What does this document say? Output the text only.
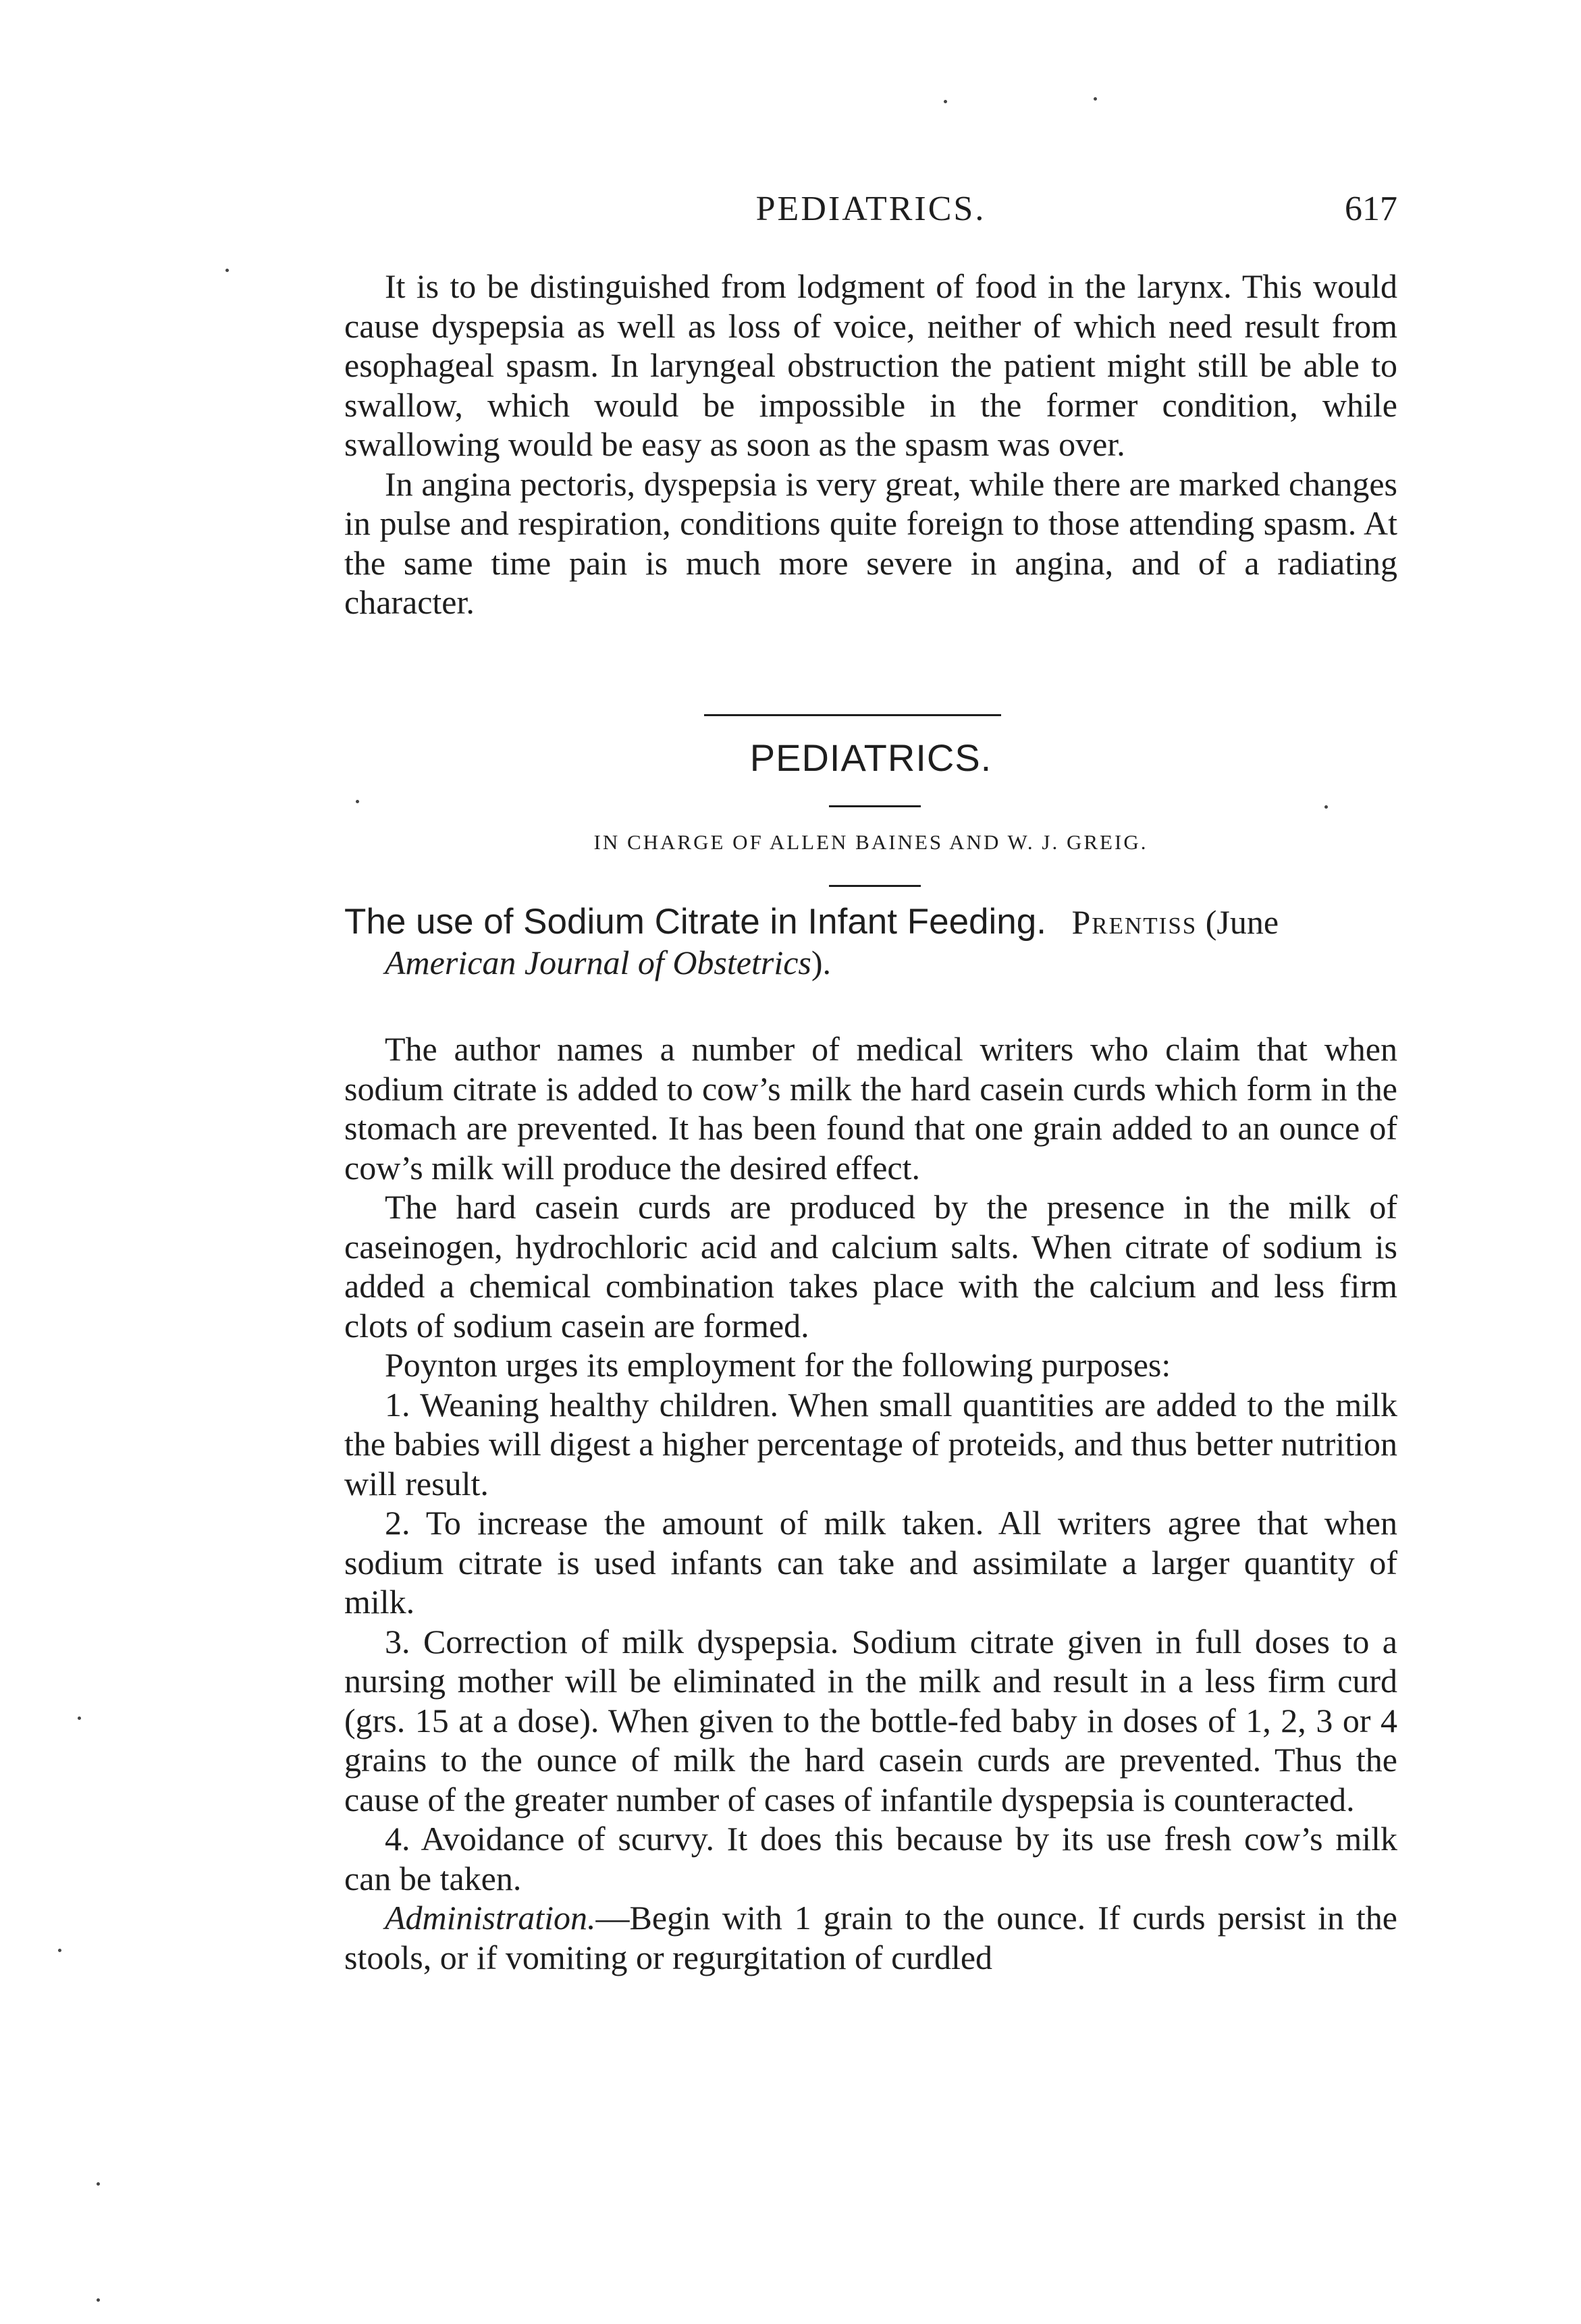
PEDIATRICS.	617

It is to be distinguished from lodgment of food in the larynx. This would cause dyspepsia as well as loss of voice, neither of which need result from esophageal spasm. In laryngeal obstruction the patient might still be able to swallow, which would be impossible in the former condition, while swallowing would be easy as soon as the spasm was over.

In angina pectoris, dyspepsia is very great, while there are marked changes in pulse and respiration, conditions quite foreign to those attending spasm. At the same time pain is much more severe in angina, and of a radiating character.

PEDIATRICS.
IN CHARGE OF ALLEN BAINES AND W. J. GREIG.
The use of Sodium Citrate in Infant Feeding. Prentiss (June
American Journal of Obstetrics).

The author names a number of medical writers who claim that when sodium citrate is added to cow’s milk the hard casein curds which form in the stomach are prevented. It has been found that one grain added to an ounce of cow’s milk will produce the desired effect.

The hard casein curds are produced by the presence in the milk of caseinogen, hydrochloric acid and calcium salts. When citrate of sodium is added a chemical combination takes place with the calcium and less firm clots of sodium casein are formed.

Poynton urges its employment for the following purposes:

1. Weaning healthy children. When small quantities are added to the milk the babies will digest a higher percentage of proteids, and thus better nutrition will result.

2. To increase the amount of milk taken. All writers agree that when sodium citrate is used infants can take and assimilate a larger quantity of milk.

3. Correction of milk dyspepsia. Sodium citrate given in full doses to a nursing mother will be eliminated in the milk and result in a less firm curd (grs. 15 at a dose). When given to the bottle-fed baby in doses of 1, 2, 3 or 4 grains to the ounce of milk the hard casein curds are prevented. Thus the cause of the greater number of cases of infantile dyspepsia is counteracted.

4. Avoidance of scurvy. It does this because by its use fresh cow’s milk can be taken.

Administration.—Begin with 1 grain to the ounce. If curds persist in the stools, or if vomiting or regurgitation of curdled
